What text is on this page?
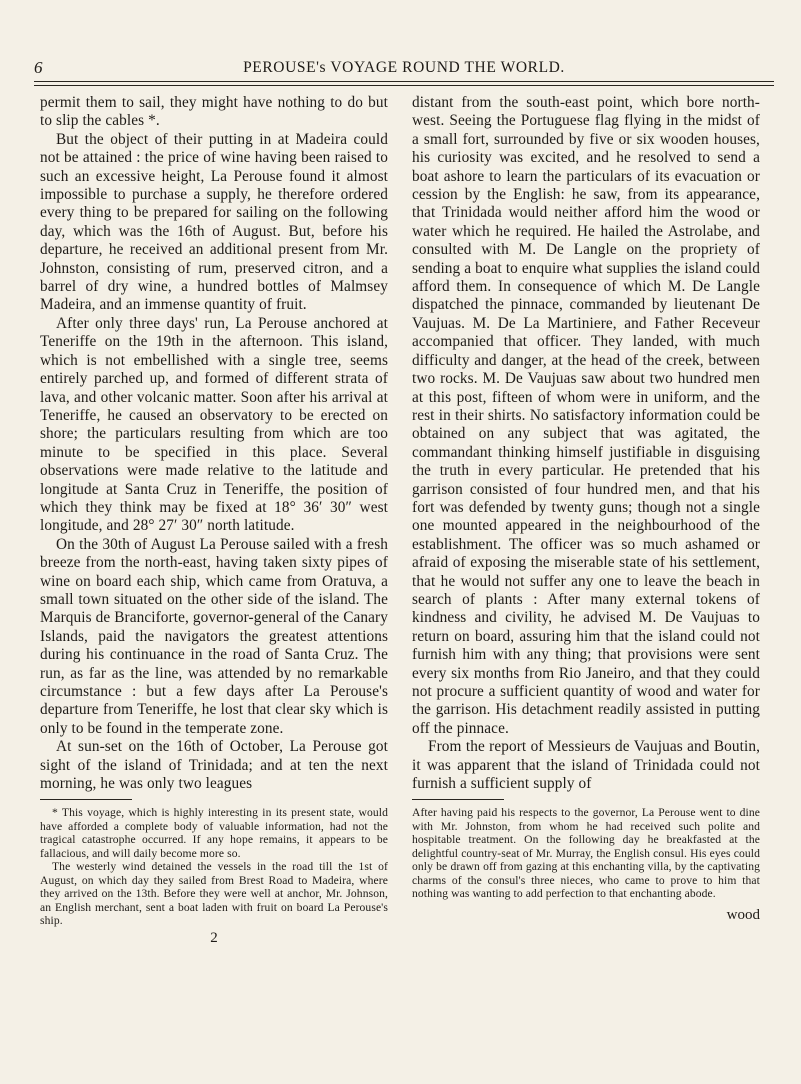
6	PEROUSE's VOYAGE ROUND THE WORLD.

permit them to sail, they might have nothing to do but to slip the cables *.

But the object of their putting in at Madeira could not be attained : the price of wine having been raised to such an excessive height, La Perouse found it almost impossible to purchase a supply, he therefore ordered every thing to be prepared for sailing on the following day, which was the 16th of August. But, before his departure, he received an additional present from Mr. Johnston, consisting of rum, preserved citron, and a barrel of dry wine, a hundred bottles of Malmsey Madeira, and an immense quantity of fruit.

After only three days' run, La Perouse anchored at Teneriffe on the 19th in the afternoon. This island, which is not embellished with a single tree, seems entirely parched up, and formed of different strata of lava, and other volcanic matter. Soon after his arrival at Teneriffe, he caused an observatory to be erected on shore; the particulars resulting from which are too minute to be specified in this place. Several observations were made relative to the latitude and longitude at Santa Cruz in Teneriffe, the position of which they think may be fixed at 18° 36′ 30″ west longitude, and 28° 27′ 30″ north latitude.

On the 30th of August La Perouse sailed with a fresh breeze from the north-east, having taken sixty pipes of wine on board each ship, which came from Oratuva, a small town situated on the other side of the island. The Marquis de Branciforte, governor-general of the Canary Islands, paid the navigators the greatest attentions during his continuance in the road of Santa Cruz. The run, as far as the line, was attended by no remarkable circumstance : but a few days after La Perouse's departure from Teneriffe, he lost that clear sky which is only to be found in the temperate zone.

At sun-set on the 16th of October, La Perouse got sight of the island of Trinidada; and at ten the next morning, he was only two leagues

* This voyage, which is highly interesting in its present state, would have afforded a complete body of valuable information, had not the tragical catastrophe occurred. If any hope remains, it appears to be fallacious, and will daily become more so.

The westerly wind detained the vessels in the road till the 1st of August, on which day they sailed from Brest Road to Madeira, where they arrived on the 13th. Before they were well at anchor, Mr. Johnson, an English merchant, sent a boat laden with fruit on board La Perouse's ship.

2

distant from the south-east point, which bore north-west. Seeing the Portuguese flag flying in the midst of a small fort, surrounded by five or six wooden houses, his curiosity was excited, and he resolved to send a boat ashore to learn the particulars of its evacuation or cession by the English: he saw, from its appearance, that Trinidada would neither afford him the wood or water which he required. He hailed the Astrolabe, and consulted with M. De Langle on the propriety of sending a boat to enquire what supplies the island could afford them. In consequence of which M. De Langle dispatched the pinnace, commanded by lieutenant De Vaujuas. M. De La Martiniere, and Father Receveur accompanied that officer. They landed, with much difficulty and danger, at the head of the creek, between two rocks. M. De Vaujuas saw about two hundred men at this post, fifteen of whom were in uniform, and the rest in their shirts. No satisfactory information could be obtained on any subject that was agitated, the commandant thinking himself justifiable in disguising the truth in every particular. He pretended that his garrison consisted of four hundred men, and that his fort was defended by twenty guns; though not a single one mounted appeared in the neighbourhood of the establishment. The officer was so much ashamed or afraid of exposing the miserable state of his settlement, that he would not suffer any one to leave the beach in search of plants : After many external tokens of kindness and civility, he advised M. De Vaujuas to return on board, assuring him that the island could not furnish him with any thing; that provisions were sent every six months from Rio Janeiro, and that they could not procure a sufficient quantity of wood and water for the garrison. His detachment readily assisted in putting off the pinnace.

From the report of Messieurs de Vaujuas and Boutin, it was apparent that the island of Trinidada could not furnish a sufficient supply of

After having paid his respects to the governor, La Perouse went to dine with Mr. Johnston, from whom he had received such polite and hospitable treatment. On the following day he breakfasted at the delightful country-seat of Mr. Murray, the English consul. His eyes could only be drawn off from gazing at this enchanting villa, by the captivating charms of the consul's three nieces, who came to prove to him that nothing was wanting to add perfection to that enchanting abode.

wood
